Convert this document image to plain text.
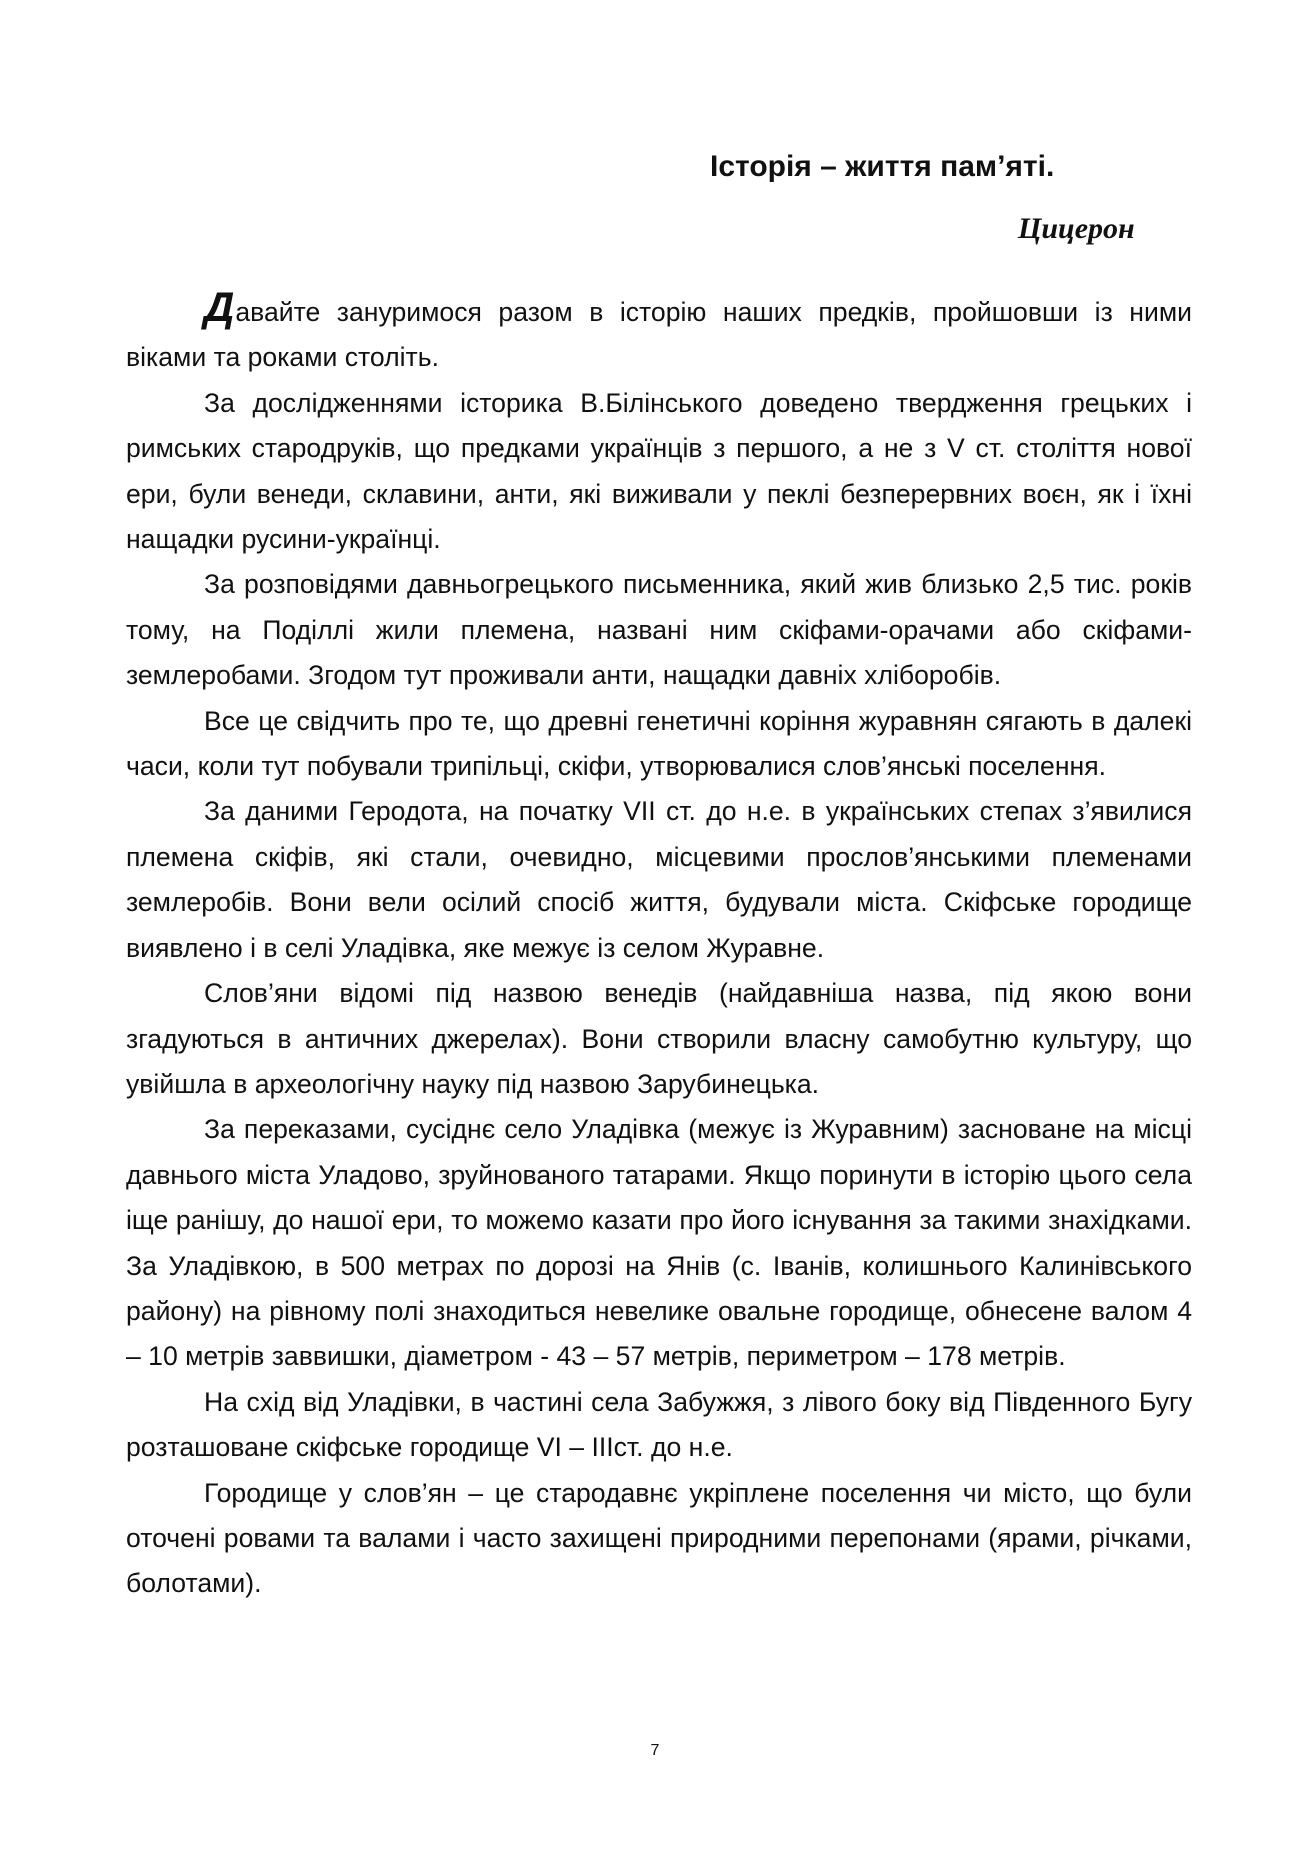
Історія – життя пам’яті.
Цицерон

Давайте зануримося разом в історію наших предків, пройшовши із ними віками та роками століть.

За дослідженнями історика В.Білінського доведено твердження грецьких і римських стародруків, що предками українців з першого, а не з V ст. століття нової ери, були венеди, склавини, анти, які виживали у пеклі безперервних воєн, як і їхні нащадки русини-українці.

За розповідями давньогрецького письменника, який жив близько 2,5 тис. років тому, на Поділлі жили племена, названі ним скіфами-орачами або скіфами-землеробами. Згодом тут проживали анти, нащадки давніх хліборобів.

Все це свідчить про те, що древні генетичні коріння журавнян сягають в далекі часи, коли тут побували трипільці, скіфи, утворювалися слов’янські поселення.

За даними Геродота, на початку VII ст. до н.е. в українських степах з’явилися племена скіфів, які стали, очевидно, місцевими прослов’янськими племенами землеробів. Вони вели осілий спосіб життя, будували міста. Скіфське городище виявлено і в селі Уладівка, яке межує із селом Журавне.

Слов’яни відомі під назвою венедів (найдавніша назва, під якою вони згадуються в античних джерелах). Вони створили власну самобутню культуру, що увійшла в археологічну науку під назвою Зарубинецька.

За переказами, сусіднє село Уладівка (межує із Журавним) засноване на місці давнього міста Уладово, зруйнованого татарами. Якщо поринути в історію цього села іще ранішу, до нашої ери, то можемо казати про його існування за такими знахідками. За Уладівкою, в 500 метрах по дорозі на Янів (с. Іванів, колишнього Калинівського району) на рівному полі знаходиться невелике овальне городище, обнесене валом 4 – 10 метрів заввишки, діаметром - 43 – 57 метрів, периметром – 178 метрів.

На схід від Уладівки, в частині села Забужжя, з лівого боку від Південного Бугу розташоване скіфське городище VI – IIIст. до н.е.

Городище у слов’ян – це стародавнє укріплене поселення чи місто, що були оточені ровами та валами і часто захищені природними перепонами (ярами, річками, болотами).

7
